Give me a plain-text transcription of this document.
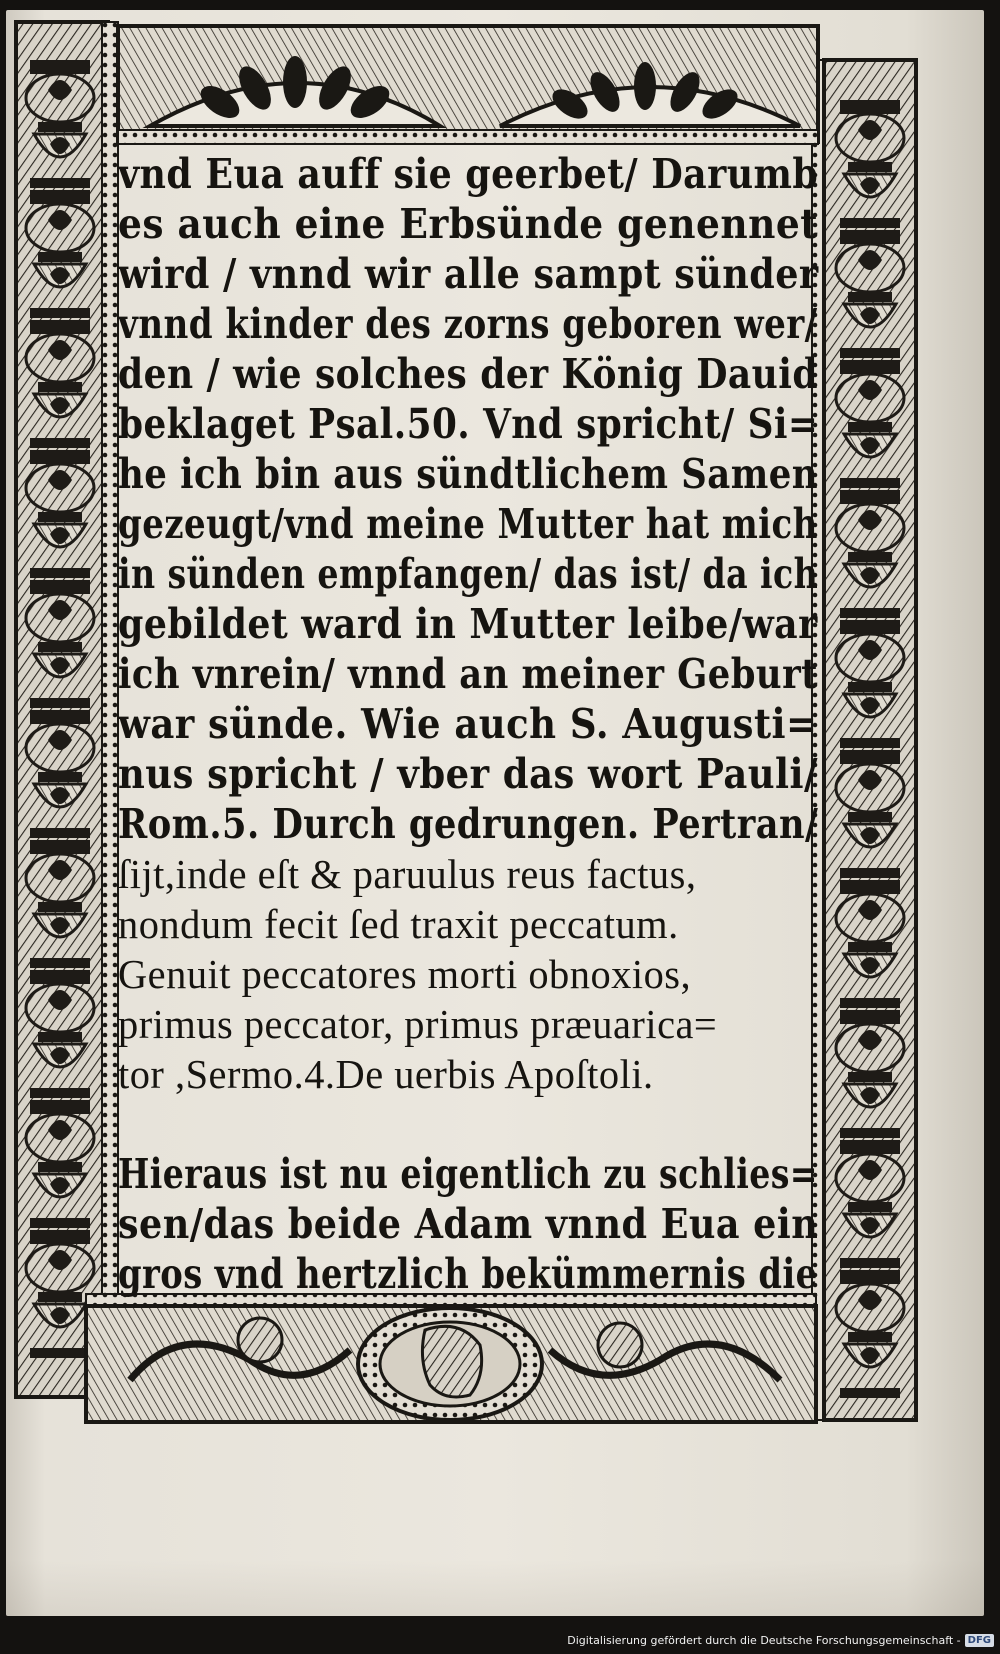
vnd Eua auff sie geerbet/ Darumb

es auch eine Erbsünde genennet

wird / vnnd wir alle sampt sünder

vnnd kinder des zorns geboren wer/

den / wie solches der König Dauid

beklaget Psal.50. Vnd spricht/ Si=

he ich bin aus sündtlichem Samen

gezeugt/vnd meine Mutter hat mich

in sünden empfangen/ das ist/ da ich

gebildet ward in Mutter leibe/war

ich vnrein/ vnnd an meiner Geburt

war sünde. Wie auch S. Augusti=

nus spricht / vber das wort Pauli/

Rom.5. Durch gedrungen. Pertran/

ſijt,inde eſt & paruulus reus factus,

nondum fecit ſed traxit peccatum.

Genuit peccatores morti obnoxios,

primus peccator, primus præuarica=

tor ,Sermo.4.De uerbis Apoſtoli.

Hieraus ist nu eigentlich zu schlies=

sen/das beide Adam vnnd Eua ein

gros vnd hertzlich bekümmernis die

Digitalisierung gefördert durch die Deutsche Forschungsgemeinschaft - DFG
